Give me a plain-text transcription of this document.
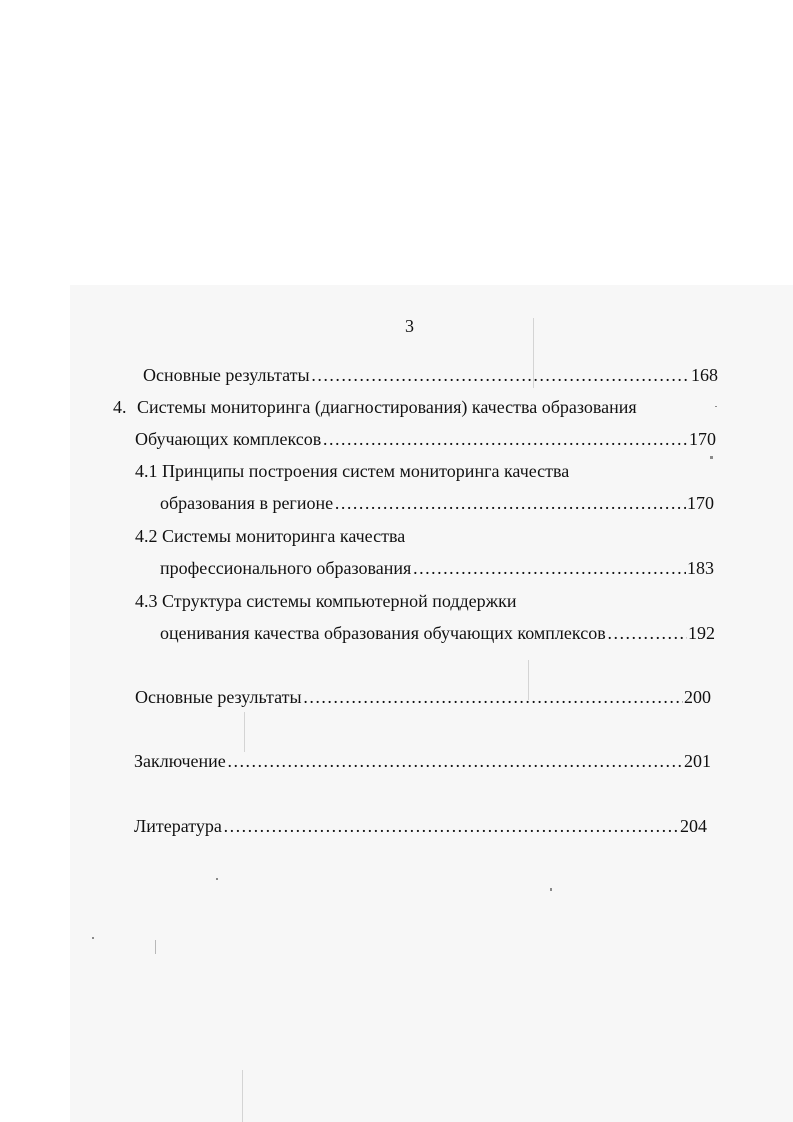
3
Основные результаты ……………………………………………………………………………………………………………………………………………	168
4. Системы мониторинга (диагностирования) качества образования
Обучающих комплексов ……………………………………………………………………………………………………………………………………………	170
4.1 Принципы построения систем мониторинга качества
образования в регионе ……………………………………………………………………………………………………………………………………………	170
4.2 Системы мониторинга качества
профессионального образования ……………………………………………………………………………………………………………………………………………	183
4.3 Структура системы компьютерной поддержки
оценивания качества образования обучающих комплексов ……………………………………………………………………………………………………………………………………………	192
Основные результаты ……………………………………………………………………………………………………………………………………………	200
Заключение ……………………………………………………………………………………………………………………………………………	201
Литература ……………………………………………………………………………………………………………………………………………	204
